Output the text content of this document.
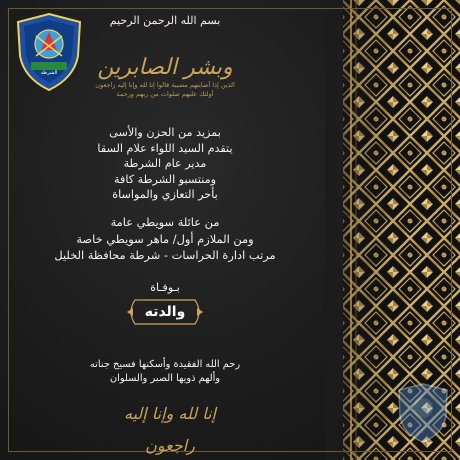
الشرطة
بسم الله الرحمن الرحيم
وبشر الصابرين
الذين إذا أصابتهم مصيبة قالوا إنا لله وإنا إليه راجعون
أولئك عليهم صلوات من ربهم ورحمة
بمزيد من الحزن والأسى
يتقدم السيد اللواء علام السقا
مدير عام الشرطة
ومنتسبو الشرطة كافة
بأحر التعازي والمواساة
من عائلة سويطي عامة
ومن الملازم أول/ ماهر سويطي خاصة
مرتب ادارة الحراسات - شرطة محافظة الخليل
بـوفـاة
والدته
رحم الله الفقيدة وأسكنها فسيح جناته
وألهم ذويها الصبر والسلوان
إنا لله وإنا إليه راجعون
